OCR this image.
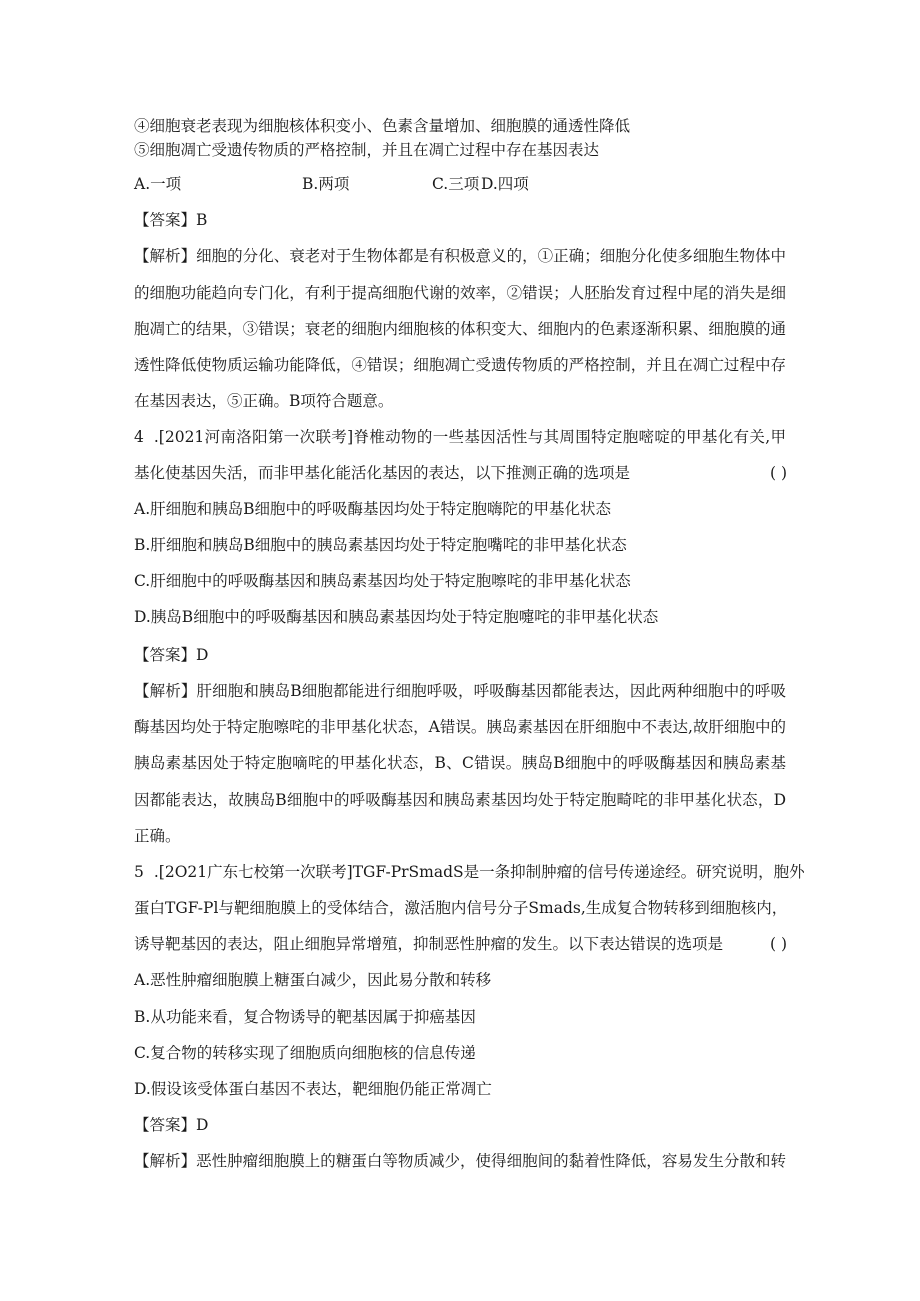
④细胞衰老表现为细胞核体积变小、色素含量增加、细胞膜的通透性降低
⑤细胞凋亡受遗传物质的严格控制，并且在凋亡过程中存在基因表达
A.一项	B.两项	C.三项 D.四项
【答案】B
【解析】细胞的分化、衰老对于生物体都是有积极意义的，①正确；细胞分化使多细胞生物体中
的细胞功能趋向专门化，有利于提高细胞代谢的效率，②错误；人胚胎发育过程中尾的消失是细
胞凋亡的结果，③错误；衰老的细胞内细胞核的体积变大、细胞内的色素逐渐积累、细胞膜的通
透性降低使物质运输功能降低，④错误；细胞凋亡受遗传物质的严格控制，并且在凋亡过程中存
在基因表达，⑤正确。B项符合题意。
4 .[2021河南洛阳第一次联考]脊椎动物的一些基因活性与其周围特定胞嘧啶的甲基化有关,甲
基化使基因失活，而非甲基化能活化基因的表达，以下推测正确的选项是	( )
A.肝细胞和胰岛B细胞中的呼吸酶基因均处于特定胞嗨陀的甲基化状态
B.肝细胞和胰岛B细胞中的胰岛素基因均处于特定胞嘴咤的非甲基化状态
C.肝细胞中的呼吸酶基因和胰岛素基因均处于特定胞嚓咤的非甲基化状态
D.胰岛B细胞中的呼吸酶基因和胰岛素基因均处于特定胞嚏咤的非甲基化状态
【答案】D
【解析】肝细胞和胰岛B细胞都能进行细胞呼吸，呼吸酶基因都能表达，因此两种细胞中的呼吸
酶基因均处于特定胞嚓咤的非甲基化状态，A错误。胰岛素基因在肝细胞中不表达,故肝细胞中的
胰岛素基因处于特定胞嘀咤的甲基化状态，B、C错误。胰岛B细胞中的呼吸酶基因和胰岛素基
因都能表达，故胰岛B细胞中的呼吸酶基因和胰岛素基因均处于特定胞畸咤的非甲基化状态，D
正确。
5 .[2O21广东七校第一次联考]TGF-PrSmadS是一条抑制肿瘤的信号传递途经。研究说明，胞外
蛋白TGF-Pl与靶细胞膜上的受体结合，激活胞内信号分子Smads,生成复合物转移到细胞核内，
诱导靶基因的表达，阻止细胞异常增殖，抑制恶性肿瘤的发生。以下表达错误的选项是	( )
A.恶性肿瘤细胞膜上糖蛋白减少，因此易分散和转移
B.从功能来看，复合物诱导的靶基因属于抑癌基因
C.复合物的转移实现了细胞质向细胞核的信息传递
D.假设该受体蛋白基因不表达，靶细胞仍能正常凋亡
【答案】D
【解析】恶性肿瘤细胞膜上的糖蛋白等物质减少，使得细胞间的黏着性降低，容易发生分散和转
